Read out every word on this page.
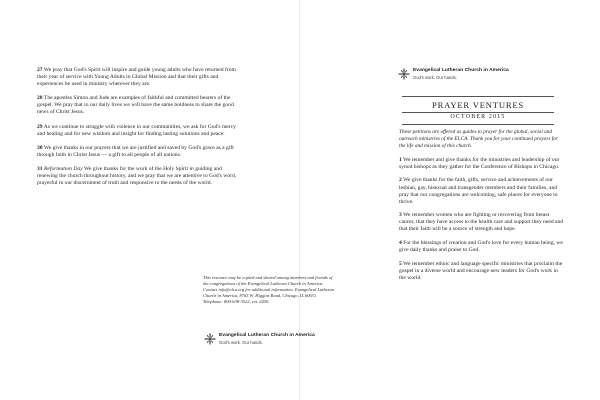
27 We pray that God's Spirit will inspire and guide young adults who have returned from their year of service with Young Adults in Global Mission and that their gifts and experiences be used in ministry wherever they are.

28 The apostles Simon and Jude are examples of faithful and committed bearers of the gospel. We pray that in our daily lives we will have the same boldness to share the good news of Christ Jesus.

29 As we continue to struggle with violence in our communities, we ask for God's mercy and healing and for new wisdom and insight for finding lasting solutions and peace.

30 We give thanks in our prayers that we are justified and saved by God's grace as a gift through faith in Christ Jesus — a gift to all people of all nations.

31 Reformation Day We give thanks for the work of the Holy Spirit in guiding and renewing the church throughout history, and we pray that we are attentive to God's word, prayerful in our discernment of truth and responsive to the needs of the world.

This resource may be copied and shared among members and friends of the congregations of the Evangelical Lutheran Church in America. Contact info@elca.org for additional information. Evangelical Lutheran Church in America, 8765 W. Higgins Road, Chicago, IL 60631. Telephone: 800-638-3522, ext. 2450.
Evangelical Lutheran Church in America
God's work. Our hands.
Evangelical Lutheran Church in America
God's work. Our hands.
PRAYER VENTURES
OCTOBER 2015

These petitions are offered as guides to prayer for the global, social and outreach ministries of the ELCA. Thank you for your continued prayers for the life and mission of this church.

1 We remember and give thanks for the ministries and leadership of our synod bishops as they gather for the Conference of Bishops in Chicago.

2 We give thanks for the faith, gifts, service and achievements of our lesbian, gay, bisexual and transgender members and their families, and pray that our congregations are welcoming, safe places for everyone to thrive.

3 We remember women who are fighting or recovering from breast cancer, that they have access to the health care and support they need and that their faith will be a source of strength and hope.

4 For the blessings of creation and God's love for every human being, we give daily thanks and praise to God.

5 We remember ethnic and language specific ministries that proclaim the gospel in a diverse world and encourage new leaders for God's work in the world.
